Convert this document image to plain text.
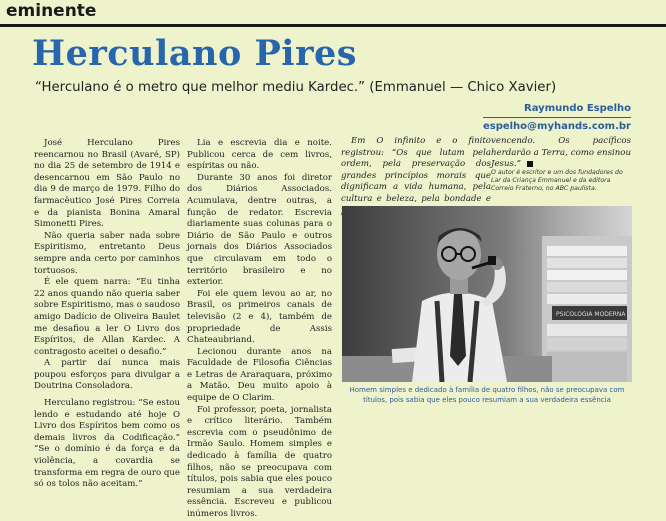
eminente
Herculano Pires
“Herculano é o metro que melhor mediu Kardec.” (Emmanuel — Chico Xavier)
Raymundo Espelho
espelho@myhands.com.br

José Herculano Pires reencarnou no Brasil (Avaré, SP) no dia 25 de setembro de 1914 e desencarnou em São Paulo no dia 9 de março de 1979. Filho do farmacêutico José Pires Correia e da pianista Bonina Amaral Simonetti Pires.

Não queria saber nada sobre Espiritismo, entretanto Deus sempre anda certo por caminhos tortuosos.

É ele quem narra: “Eu tinha 22 anos quando não queria saber sobre Espiritismo, mas o saudoso amigo Dadício de Oliveira Baulet me desafiou a ler O Livro dos Espíritos, de Allan Kardec. A contragosto aceitei o desafio.”

A partir daí nunca mais poupou esforços para divulgar a Doutrina Consoladora.

Herculano registrou: “Se estou lendo e estudando até hoje O Livro dos Espíritos bem como os demais livros da Codificação.” “Se o domínio é da força e da violência, a covardia se transforma em regra de ouro que só os tolos não aceitam.”

Lia e escrevia dia e noite. Publicou cerca de cem livros, espíritas ou não.

Durante 30 anos foi diretor dos Diários Associados. Acumulava, dentre outras, a função de redator. Escrevia diariamente suas colunas para o Diário de São Paulo e outros jornais dos Diários Associados que circulavam em todo o território brasileiro e no exterior.

Foi ele quem levou ao ar, no Brasil, os primeiros canais de televisão (2 e 4), também de propriedade de Assis Chateaubriand.

Lecionou durante anos na Faculdade de Filosofia Ciências e Letras de Araraquara, próximo a Matão. Deu muito apoio à equipe de O Clarim.

Foi professor, poeta, jornalista e crítico literário. Também escrevia com o pseudônimo de Irmão Saulo. Homem simples e dedicado à família de quatro filhos, não se preocupava com títulos, pois sabia que eles pouco resumiam a sua verdadeira essência. Escreveu e publicou inúmeros livros.

Em O infinito e o finito registrou: “Os que lutam pela ordem, pela preservação dos grandes princípios morais que dignificam a vida humana, pela cultura e beleza, pela bondade e

vencendo. Os pacíficos herdarão a Terra, como ensinou Jesus.”
O autor é escritor e um dos fundadores do Lar da Criança Emmanuel e da editora Correio Fraterno, no ABC paulista.
PSICOLOGIA MODERNA
Homem simples e dedicado à família de quatro filhos, não se preocupava com títulos, pois sabia que eles pouco resumiam a sua verdadeira essência
